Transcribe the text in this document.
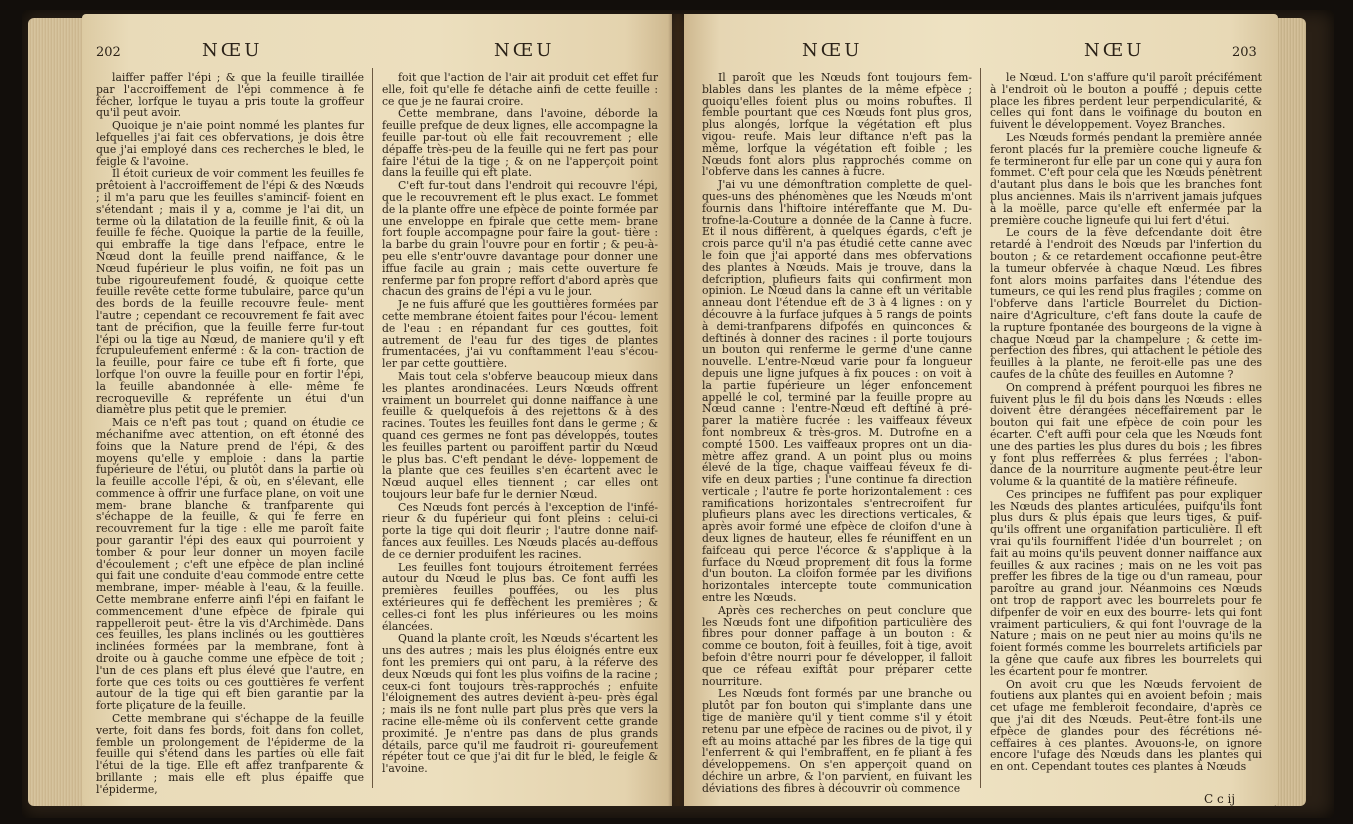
202	NŒU	NŒU

laiffer paffer l'épi ; & que la feuille tiraillée par l'accroiffement de l'épi commence à fe fécher, lorfque le tuyau a pris toute la groffeur qu'il peut avoir.

Quoique je n'aie point nommé les plantes fur lefquelles j'ai fait ces obfervations, je dois être que j'ai employé dans ces recherches le bled, le feigle & l'avoine.

Il étoit curieux de voir comment les feuilles fe prêtoient à l'accroiffement de l'épi & des Nœuds ; il m'a paru que les feuilles s'amincif- foient en s'étendant ; mais il y a, comme je l'ai dit, un terme où la dilatation de la feuille finit, & où la feuille fe féche. Quoique la partie de la feuille, qui embraffe la tige dans l'efpace, entre le Nœud dont la feuille prend naiffance, & le Nœud fupérieur le plus voifin, ne foit pas un tube rigoureufement foudé, & quoique cette feuille revête cette forme tubulaire, parce qu'un des bords de la feuille recouvre feule- ment l'autre ; cependant ce recouvrement fe fait avec tant de précifion, que la feuille ferre fur-tout l'épi ou la tige au Nœud, de maniere qu'il y eft fcrupuleufement enfermé : & la con- traction de la feuille, pour faire ce tube eft fi forte, que lorfque l'on ouvre la feuille pour en fortir l'épi, la feuille abandonnée à elle- même fe recroqueville & repréfente un étui d'un diamètre plus petit que le premier.

Mais ce n'eft pas tout ; quand on étudie ce méchanifme avec attention, on eft étonné des foins que la Nature prend de l'épi, & des moyens qu'elle y emploie : dans la partie fupérieure de l'étui, ou plutôt dans la partie où la feuille accolle l'épi, & où, en s'élevant, elle commence à offrir une furface plane, on voit une mem- brane blanche & tranfparente qui s'échappe de la feuille, & qui fe ferre en recouvrement fur la tige : elle me paroît faite pour garantir l'épi des eaux qui pourroient y tomber & pour leur donner un moyen facile d'écoulement ; c'eft une efpèce de plan incliné qui fait une conduite d'eau commode entre cette membrane, imper- méable à l'eau, & la feuille. Cette membrane enferre ainfi l'épi en faifant le commencement d'une efpèce de fpirale qui rappelleroit peut- être la vis d'Archimède. Dans ces feuilles, les plans inclinés ou les gouttières inclinées formées par la membrane, font à droite ou à gauche comme une efpèce de toit ; l'un de ces plans eft plus élevé que l'autre, en forte que ces toits ou ces gouttières fe verfent autour de la tige qui eft bien garantie par la forte pliçature de la feuille.

Cette membrane qui s'échappe de la feuille verte, foit dans fes bords, foit dans fon collet, femble un prolongement de l'épiderme de la feuille qui s'étend dans les parties où elle fait l'étui de la tige. Elle eft affez tranfparente & brillante ; mais elle eft plus épaiffe que l'épiderme,

foit que l'action de l'air ait produit cet effet fur elle, foit qu'elle fe détache ainfi de cette feuille : ce que je ne faurai croire.

Cette membrane, dans l'avoine, déborde la feuille prefque de deux lignes, elle accompagne la feuille par-tout où elle fait recouvrement ; elle dépaffe très-peu de la feuille qui ne fert pas pour faire l'étui de la tige ; & on ne l'apperçoit point dans la feuille qui eft plate.

C'eft fur-tout dans l'endroit qui recouvre l'épi, que le recouvrement eft le plus exact. Le fommet de la plante offre une efpèce de pointe formée par une enveloppe en fpirale que cette mem- brane fort fouple accompagne pour faire la gout- tière : la barbe du grain l'ouvre pour en fortir ; & peu-à-peu elle s'entr'ouvre davantage pour donner une iffue facile au grain ; mais cette ouverture fe renferme par fon propre reffort d'abord après que chacun des grains de l'épi a vu le jour.

Je ne fuis affuré que les gouttières formées par cette membrane étoient faites pour l'écou- lement de l'eau : en répandant fur ces gouttes, foit autrement de l'eau fur des tiges de plantes frumentacées, j'ai vu conftamment l'eau s'écou- ler par cette gouttière.

Mais tout cela s'obferve beaucoup mieux dans les plantes arondinacées. Leurs Nœuds offrent vraiment un bourrelet qui donne naiffance à une feuille & quelquefois à des rejettons & à des racines. Toutes les feuilles font dans le germe ; & quand ces germes ne font pas développés, toutes les feuilles partent ou paroiffent partir du Nœud le plus bas. C'eft pendant le déve- loppement de la plante que ces feuilles s'en écartent avec le Nœud auquel elles tiennent ; car elles ont toujours leur bafe fur le dernier Nœud.

Ces Nœuds font percés à l'exception de l'infé- rieur & du fupérieur qui font pleins : celui-ci porte la tige qui doit fleurir ; l'autre donne naif- fances aux feuilles. Les Nœuds placés au-deffous de ce dernier produifent les racines.

Les feuilles font toujours étroitement ferrées autour du Nœud le plus bas. Ce font auffi les premières feuilles pouffées, ou les plus extérieures qui fe deffèchent les premières ; & celles-ci font les plus inférieures ou les moins élancées.

Quand la plante croît, les Nœuds s'écartent les uns des autres ; mais les plus éloignés entre eux font les premiers qui ont paru, à la réferve des deux Nœuds qui font les plus voifins de la racine ; ceux-ci font toujours très-rapprochés ; enfuite l'éloignement des autres devient à-peu- près égal ; mais ils ne font nulle part plus près que vers la racine elle-même où ils confervent cette grande proximité. Je n'entre pas dans de plus grands détails, parce qu'il me faudroit ri- goureufement répéter tout ce que j'ai dit fur le bled, le feigle & l'avoine.

NŒU	NŒU	203

Il paroît que les Nœuds font toujours fem- blables dans les plantes de la même efpèce ; quoiqu'elles foient plus ou moins robuftes. Il femble pourtant que ces Nœuds font plus gros, plus alongés, lorfque la végétation eft plus vigou- reufe. Mais leur diftance n'eft pas la même, lorfque la végétation eft foible ; les Nœuds font alors plus rapprochés comme on l'obferve dans les cannes à fucre.

J'ai vu une démonftration complette de quel- ques-uns des phénomènes que les Nœuds m'ont fournis dans l'hiftoire intéreffante que M. Du- trofne-la-Couture a donnée de la Canne à fucre. Et il nous diffèrent, à quelques égards, c'eft je crois parce qu'il n'a pas étudié cette canne avec le foin que j'ai apporté dans mes obfervations des plantes à Nœuds. Mais je trouve, dans la defcription, plufieurs faits qui confirment mon opinion. Le Nœud dans la canne eft un véritable anneau dont l'étendue eft de 3 à 4 lignes : on y découvre à la furface jufques à 5 rangs de points à demi-tranfparens difpofés en quinconces & deftinés à donner des racines : il porte toujours un bouton qui renferme le germe d'une canne nouvelle. L'entre-Nœud varie pour fa longueur depuis une ligne jufques à fix pouces : on voit à la partie fupérieure un léger enfoncement appellé le col, terminé par la feuille propre au Nœud canne : l'entre-Nœud eft deftiné à pré- parer la matière fucrée : les vaiffeaux féveux font nombreux & très-gros. M. Dutrofne en a compté 1500. Les vaiffeaux propres ont un dia- mètre affez grand. A un point plus ou moins élevé de la tige, chaque vaiffeau féveux fe di- vife en deux parties ; l'une continue fa direction verticale ; l'autre fe porte horizontalement : ces ramifications horizontales s'entrecroifent fur plufieurs plans avec les directions verticales, & après avoir formé une efpèce de cloifon d'une à deux lignes de hauteur, elles fe réuniffent en un faifceau qui perce l'écorce & s'applique à la furface du Nœud proprement dit fous la forme d'un bouton. La cloifon formée par les divifions horizontales intercepte toute communication entre les Nœuds.

Après ces recherches on peut conclure que les Nœuds font une difpofition particulière des fibres pour donner paffage à un bouton : & comme ce bouton, foit à feuilles, foit à tige, avoit befoin d'être nourri pour fe développer, il falloit que ce réfeau exiftât pour préparer cette nourriture.

Les Nœuds font formés par une branche ou plutôt par fon bouton qui s'implante dans une tige de manière qu'il y tient comme s'il y étoit retenu par une efpèce de racines ou de pivot, il y eft au moins attaché par les fibres de la tige qui l'enferrent & qui l'embraffent, en fe pliant à fes développemens. On s'en apperçoit quand on déchire un arbre, & l'on parvient, en fuivant les déviations des fibres à découvrir où commence

le Nœud. L'on s'affure qu'il paroît précifément à l'endroit où le bouton a pouffé ; depuis cette place les fibres perdent leur perpendicularité, & celles qui font dans le voifinage du bouton en fuivent le développement. Voyez Branches.

Les Nœuds formés pendant la première année feront placés fur la première couche ligneufe & fe termineront fur elle par un cone qui y aura fon fommet. C'eft pour cela que les Nœuds pénètrent d'autant plus dans le bois que les branches font plus anciennes. Mais ils n'arrivent jamais jufques à la moëlle, parce qu'elle eft enfermée par la première couche ligneufe qui lui fert d'étui.

Le cours de la fève defcendante doit être retardé à l'endroit des Nœuds par l'infertion du bouton ; & ce retardement occafionne peut-être la tumeur obfervée à chaque Nœud. Les fibres font alors moins parfaites dans l'étendue des tumeurs, ce qui les rend plus fragiles ; comme on l'obferve dans l'article Bourrelet du Diction- naire d'Agriculture, c'eft fans doute la caufe de la rupture fpontanée des bourgeons de la vigne à chaque Nœud par la champelure ; & cette im- perfection des fibres, qui attachent le pétiole des feuilles à la plante, ne feroit-elle pas une des caufes de la chûte des feuilles en Automne ?

On comprend à préfent pourquoi les fibres ne fuivent plus le fil du bois dans les Nœuds : elles doivent être dérangées néceffairement par le bouton qui fait une efpèce de coin pour les écarter. C'eft auffi pour cela que les Nœuds font une des parties les plus dures du bois ; les fibres y font plus refferrées & plus ferrées ; l'abon- dance de la nourriture augmente peut-être leur volume & la quantité de la matière réfineufe.

Ces principes ne fuffifent pas pour expliquer les Nœuds des plantes articulées, puifqu'ils font plus durs & plus épais que leurs tiges, & puif- qu'ils offrent une organifation particulière. Il eft vrai qu'ils fourniffent l'idée d'un bourrelet ; on fait au moins qu'ils peuvent donner naiffance aux feuilles & aux racines ; mais on ne les voit pas preffer les fibres de la tige ou d'un rameau, pour paroître au grand jour. Néanmoins ces Nœuds ont trop de rapport avec les bourrelets pour fe difpenfer de voir en eux des bourre- lets qui font vraiment particuliers, & qui font l'ouvrage de la Nature ; mais on ne peut nier au moins qu'ils ne foient formés comme les bourrelets artificiels par la gêne que caufe aux fibres les bourrelets qui les écartent pour fe montrer.

On avoit cru que les Nœuds fervoient de foutiens aux plantes qui en avoient befoin ; mais cet ufage me fembleroit fecondaire, d'après ce que j'ai dit des Nœuds. Peut-être font-ils une efpèce de glandes pour des fécrétions né- ceffaires à ces plantes. Avouons-le, on ignore encore l'ufage des Nœuds dans les plantes qui en ont. Cependant toutes ces plantes à Nœuds

C c ij
